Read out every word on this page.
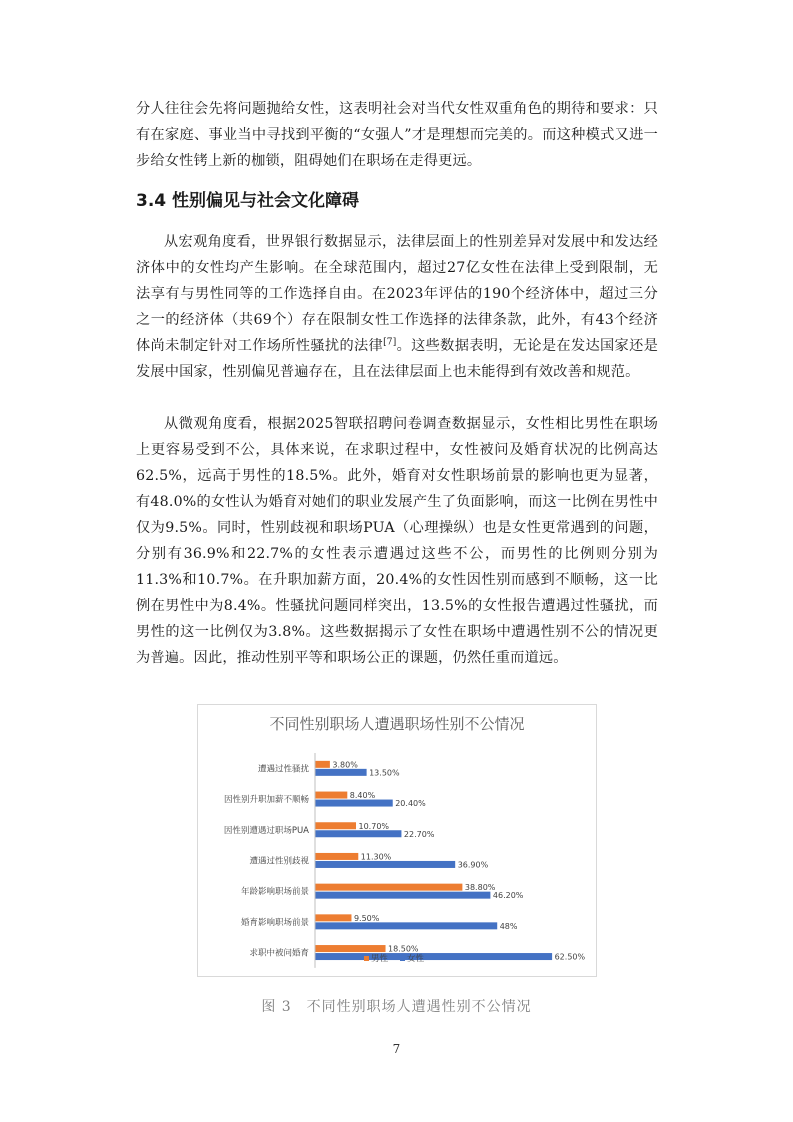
分人往往会先将问题抛给女性，这表明社会对当代女性双重角色的期待和要求：只有在家庭、事业当中寻找到平衡的“女强人”才是理想而完美的。而这种模式又进一步给女性铐上新的枷锁，阻碍她们在职场在走得更远。

3.4 性别偏见与社会文化障碍

从宏观角度看，世界银行数据显示，法律层面上的性别差异对发展中和发达经济体中的女性均产生影响。在全球范围内，超过27亿女性在法律上受到限制，无法享有与男性同等的工作选择自由。在2023年评估的190个经济体中，超过三分之一的经济体（共69个）存在限制女性工作选择的法律条款，此外，有43个经济体尚未制定针对工作场所性骚扰的法律[7]。这些数据表明，无论是在发达国家还是发展中国家，性别偏见普遍存在，且在法律层面上也未能得到有效改善和规范。

从微观角度看，根据2025智联招聘问卷调查数据显示，女性相比男性在职场上更容易受到不公，具体来说，在求职过程中，女性被问及婚育状况的比例高达62.5%，远高于男性的18.5%。此外，婚育对女性职场前景的影响也更为显著，有48.0%的女性认为婚育对她们的职业发展产生了负面影响，而这一比例在男性中仅为9.5%。同时，性别歧视和职场PUA（心理操纵）也是女性更常遇到的问题，分别有36.9%和22.7%的女性表示遭遇过这些不公，而男性的比例则分别为11.3%和10.7%。在升职加薪方面，20.4%的女性因性别而感到不顺畅，这一比例在男性中为8.4%。性骚扰问题同样突出，13.5%的女性报告遭遇过性骚扰，而男性的这一比例仅为3.8%。这些数据揭示了女性在职场中遭遇性别不公的情况更为普遍。因此，推动性别平等和职场公正的课题，仍然任重而道远。

不同性别职场人遭遇职场性别不公情况
遭遇过性骚扰	3.80%
13.50%
因性别升职加薪不顺畅	8.40%
20.40%
因性别遭遇过职场PUA	10.70%
22.70%
遭遇过性别歧视	11.30%
36.90%
年龄影响职场前景	38.80%
46.20%
婚育影响职场前景	9.50%
48%
求职中被问婚育	18.50%
62.50%
男性 女性

图 3　不同性别职场人遭遇性别不公情况

7
